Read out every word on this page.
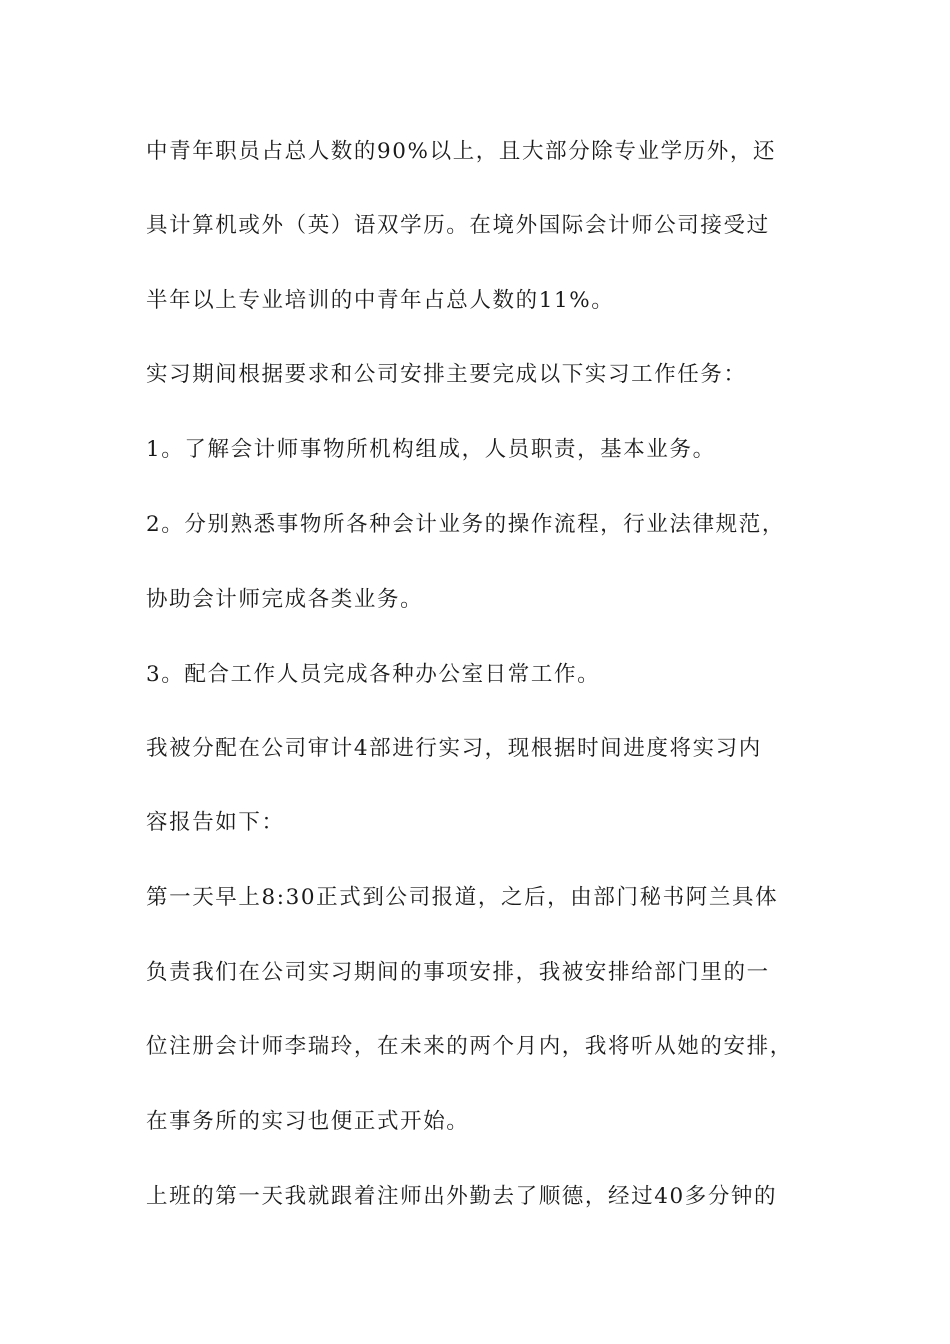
中青年职员占总人数的90%以上，且大部分除专业学历外，还
具计算机或外（英）语双学历。在境外国际会计师公司接受过
半年以上专业培训的中青年占总人数的11%。
实习期间根据要求和公司安排主要完成以下实习工作任务：
1。了解会计师事物所机构组成，人员职责，基本业务。
2。分别熟悉事物所各种会计业务的操作流程，行业法律规范，
协助会计师完成各类业务。
3。配合工作人员完成各种办公室日常工作。
我被分配在公司审计4部进行实习，现根据时间进度将实习内
容报告如下：
第一天早上8:30正式到公司报道，之后，由部门秘书阿兰具体
负责我们在公司实习期间的事项安排，我被安排给部门里的一
位注册会计师李瑞玲，在未来的两个月内，我将听从她的安排，
在事务所的实习也便正式开始。
上班的第一天我就跟着注师出外勤去了顺德，经过40多分钟的
